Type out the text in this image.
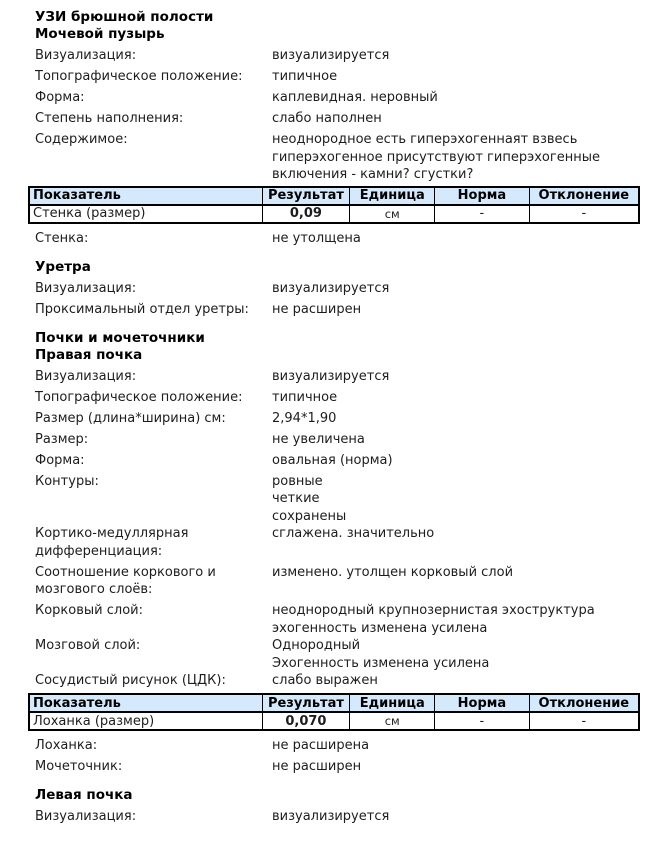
УЗИ брюшной полости
Мочевой пузырь
Визуализация:	визуализируется
Топографическое положение:	типичное
Форма:	каплевидная. неровный
Степень наполнения:	слабо наполнен
Содержимое:	неоднородное есть гиперэхогеннаят взвесь
гиперэхогенное присутствуют гиперэхогенные
включения - камни? сгустки?
Показатель	Результат	Единица	Норма	Отклонение
Стенка (размер)	0,09	см	-	-
Стенка:	не утолщена
Уретра
Визуализация:	визуализируется
Проксимальный отдел уретры:	не расширен
Почки и мочеточники
Правая почка
Визуализация:	визуализируется
Топографическое положение:	типичное
Размер (длина*ширина) см:	2,94*1,90
Размер:	не увеличена
Форма:	овальная (норма)
Контуры:	ровные
четкие
сохранены
Кортико-медуллярная дифференциация:
сглажена. значительно
Соотношение коркового и мозгового слоёв:
изменено. утолщен корковый слой
Корковый слой:	неоднородный крупнозернистая эхоструктура
эхогенность изменена усилена
Мозговой слой:	Однородный
Эхогенность изменена усилена
Сосудистый рисунок (ЦДК):	слабо выражен
Показатель	Результат	Единица	Норма	Отклонение
Лоханка (размер)	0,070	см	-	-
Лоханка:	не расширена
Мочеточник:	не расширен
Левая почка
Визуализация:	визуализируется
